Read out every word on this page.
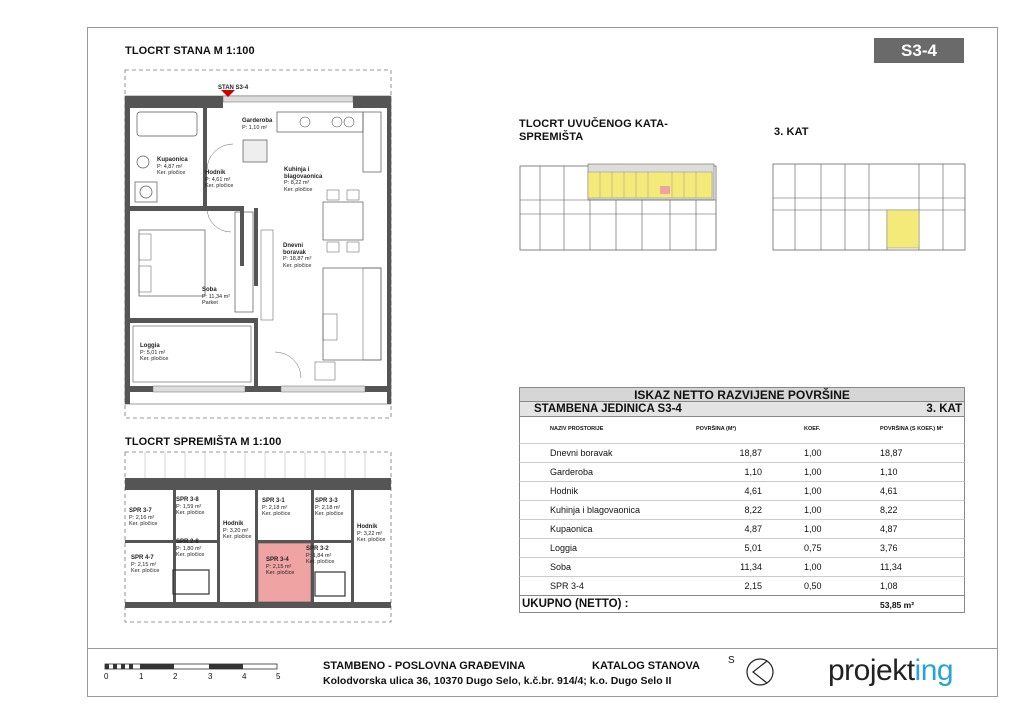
S3-4
TLOCRT STANA M 1:100
STAN S3-4
Garderoba
P: 1,10 m²
Kupaonica
P: 4,87 m²
Ker. pločice	Hodnik
P: 4,61 m²
Ker. pločice
Kuhinja i blagovaonica
P: 8,22 m²
Ker. pločice
Dnevni boravak
P: 18,87 m²
Ker. pločice
Soba
P: 11,34 m²
Parket
Loggia
P: 5,01 m²
Ker. pločice
TLOCRT SPREMIŠTA M 1:100
SPR 3-7
P: 2,16 m²
Ker. pločice
SPR 3-8
P: 1,59 m²
Ker. pločice
SPR 4-7
P: 2,15 m²
Ker. pločice
SPR 2-8
P: 1,80 m²
Ker. pločice
Hodnik
P: 3,20 m²
Ker. pločice
SPR 3-1
P: 2,18 m²
Ker. pločice
SPR 3-3
P: 2,18 m²
Ker. pločice
SPR 3-4
P: 2,15 m²
Ker. pločice
SPR 3-2
P: 1,84 m²
Ker. pločice
Hodnik
P: 3,22 m²
Ker. pločice
TLOCRT UVUČENOG KATA-SPREMIŠTA	3. KAT
ISKAZ NETTO RAZVIJENE POVRŠINE
STAMBENA JEDINICA S3-4	3. KAT
NAZIV PROSTORIJE	POVRŠINA (M²)	KOEF.	POVRŠINA (S KOEF.) M²
Dnevni boravak	18,87	1,00	18,87
Garderoba	1,10	1,00	1,10
Hodnik	4,61	1,00	4,61
Kuhinja i blagovaonica	8,22	1,00	8,22
Kupaonica	4,87	1,00	4,87
Loggia	5,01	0,75	3,76
Soba	11,34	1,00	11,34
SPR 3-4	2,15	0,50	1,08
UKUPNO (NETTO) :	53,85 m²
0	1	2	3	4	5
STAMBENO - POSLOVNA GRAĐEVINA	KATALOG STANOVA
Kolodvorska ulica 36, 10370 Dugo Selo, k.č.br. 914/4; k.o. Dugo Selo II
S	projekting
